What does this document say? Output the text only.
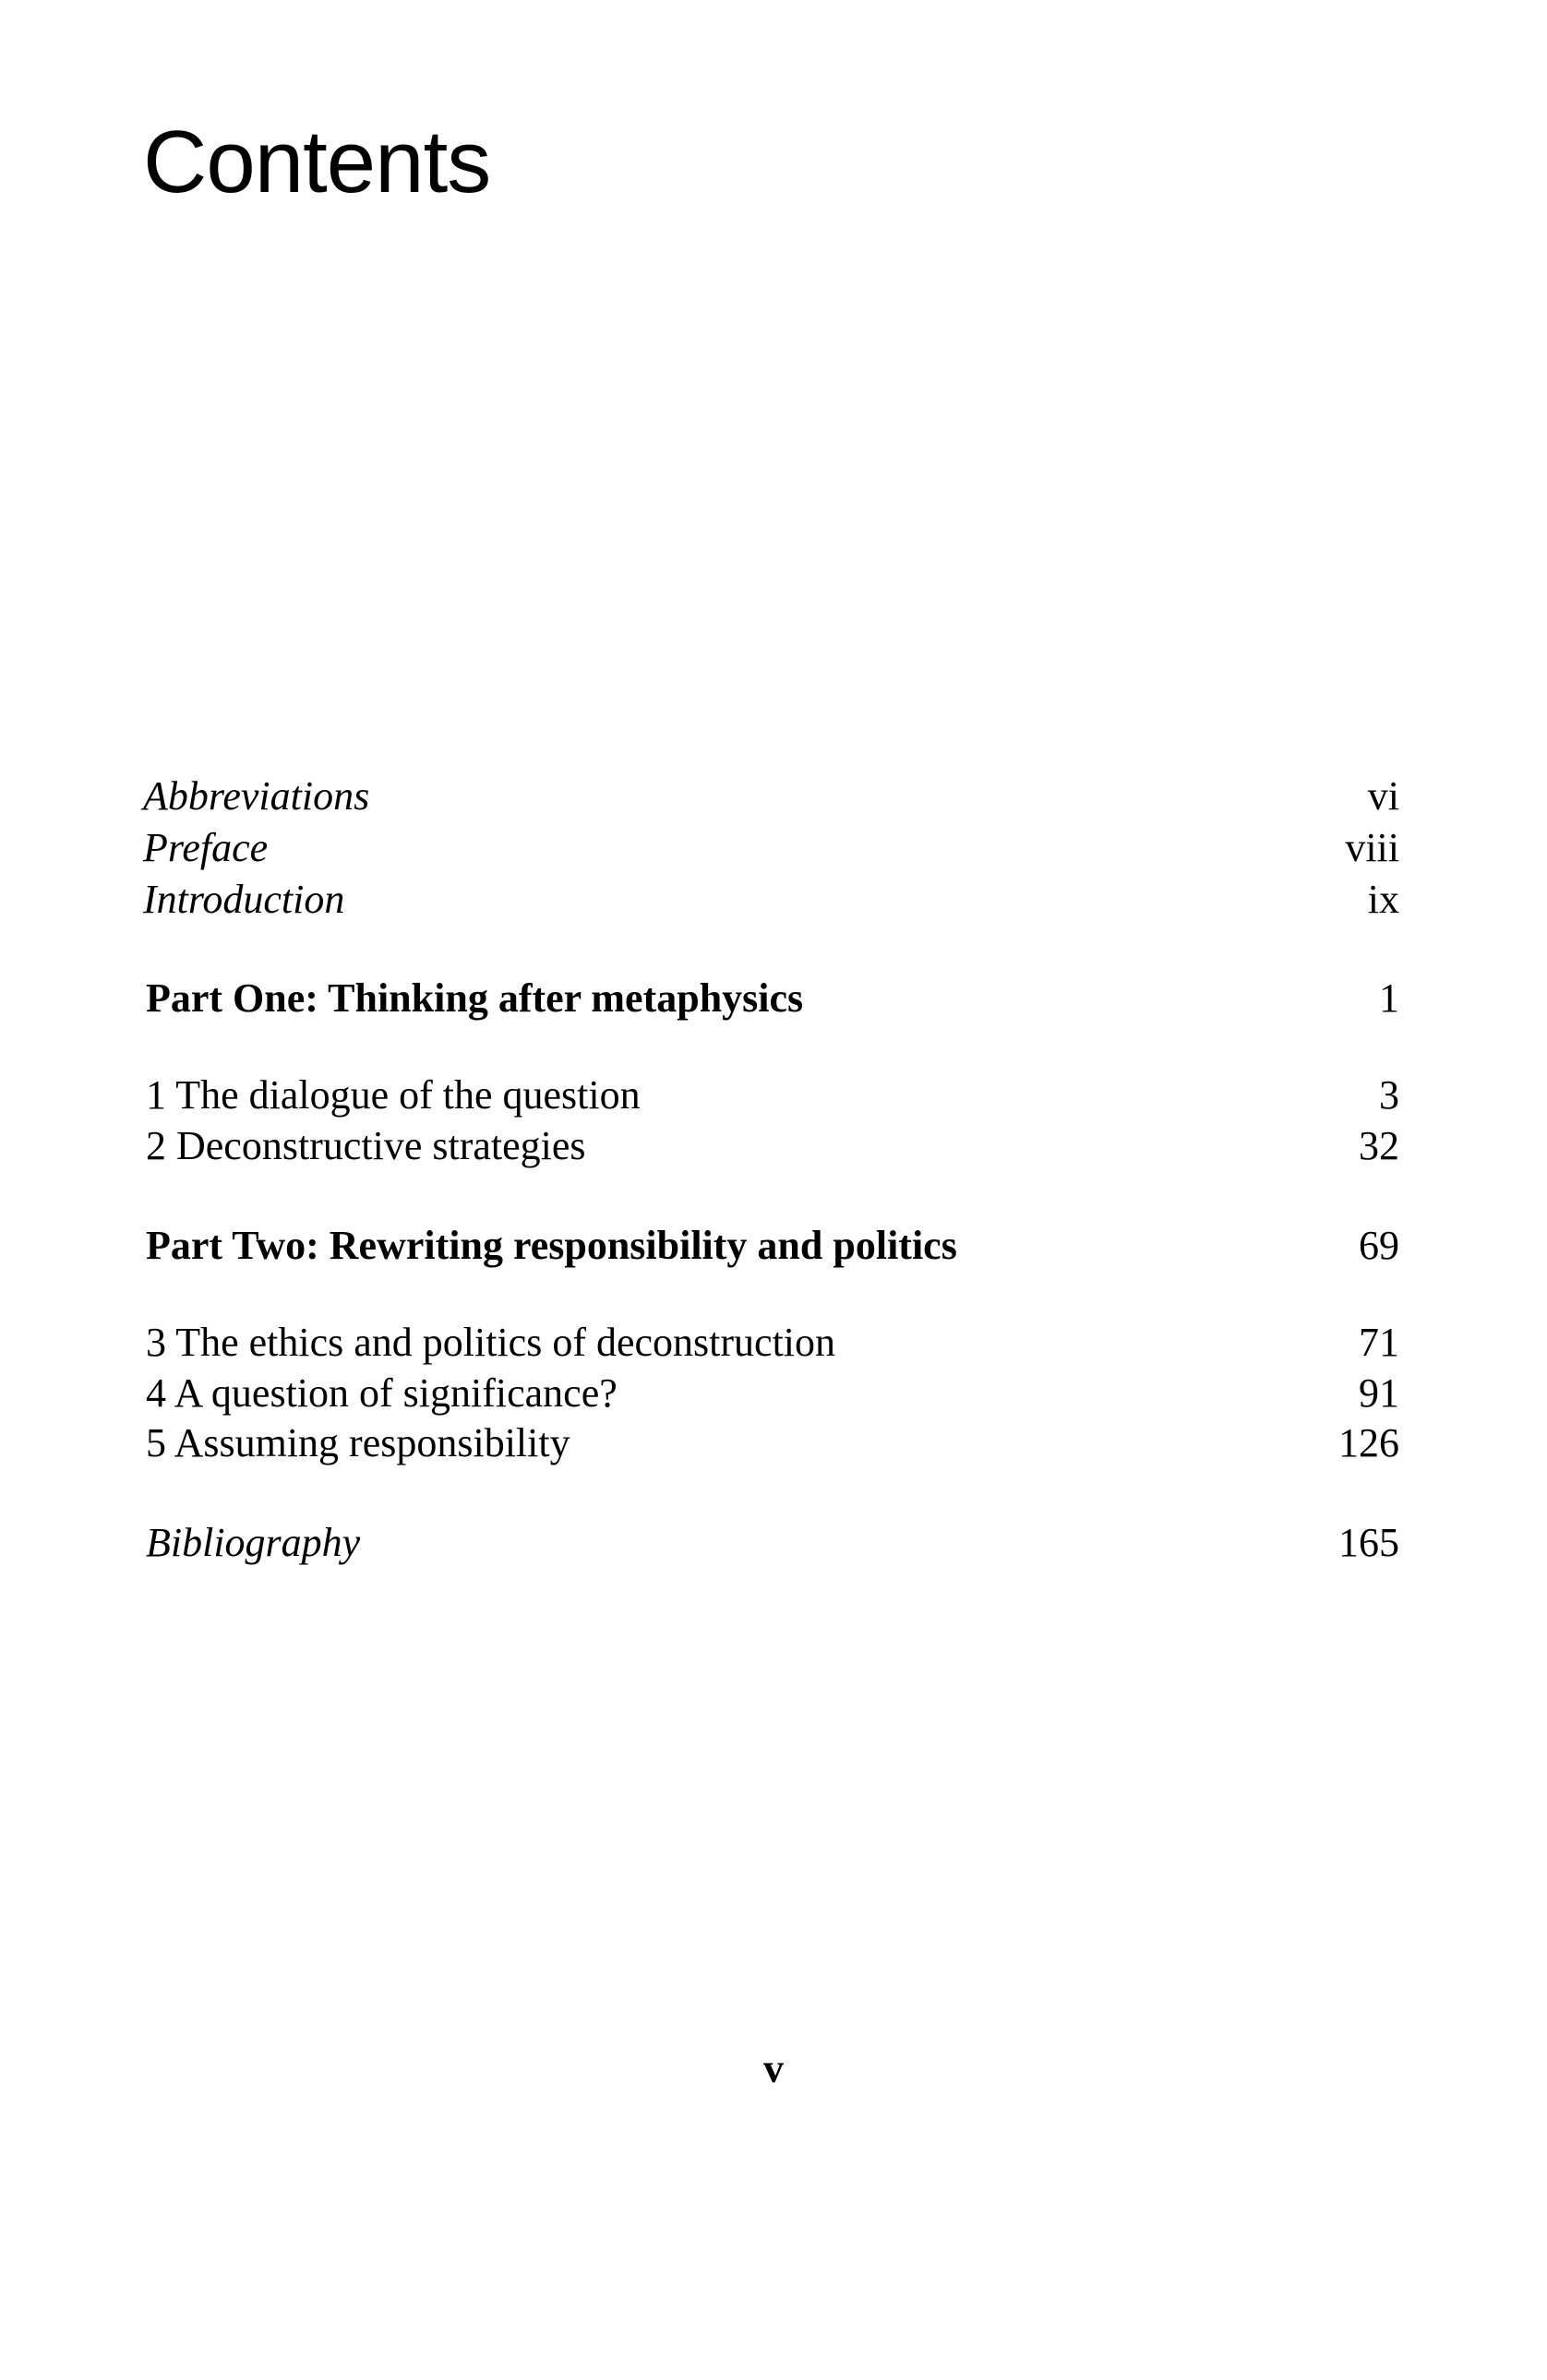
Contents
Abbreviations	vi
Preface	viii
Introduction	ix
Part One: Thinking after metaphysics	1
1 The dialogue of the question	3
2 Deconstructive strategies	32
Part Two: Rewriting responsibility and politics	69
3 The ethics and politics of deconstruction	71
4 A question of significance?	91
5 Assuming responsibility	126
Bibliography	165
v
